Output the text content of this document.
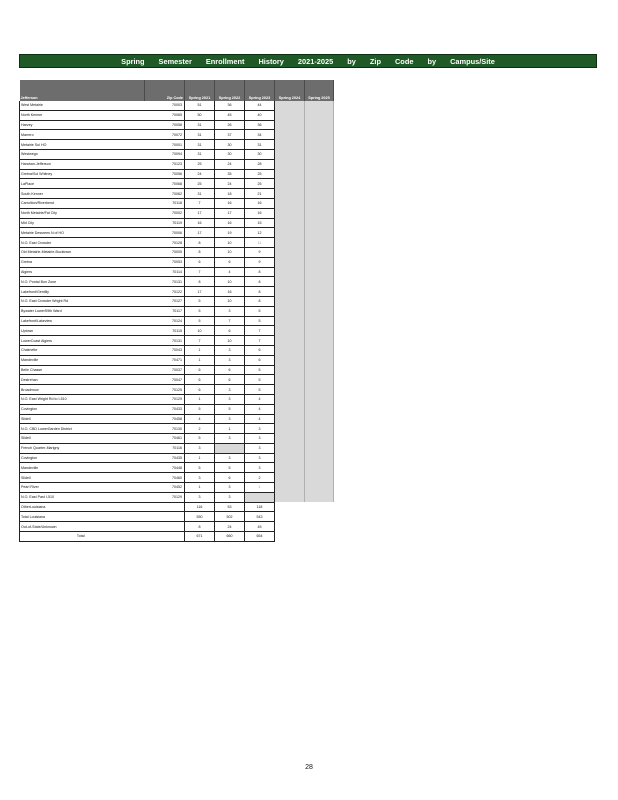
Spring Semester Enrollment History 2021-2025 by Zip Code by Campus/Site
Jefferson	Zip Code	Spring 2021	Spring 2022	Spring 2023	Spring 2024	Spring 2025
West Metairie	70003	51	36	44		
North Kenner	70065	50	45	40		
Harvey	70058	31	26	36		
Marrero	70072	31	37	34		
Metairie Sol HO	70001	31	30	31		
Westwego	70094	31	30	30		
Harahan-Jefferson	70123	25	24	28		
Gretna/Sol Whitney	70056	24	35	25		
LaPlace	70068	25	24	25		
South Kenner	70062	31	18	21		
Carrollton/Riverbend	70118	7	16	16		
North Metairie/Fat City	70002	17	17	16		
Mid City	70119	16	16	15		
Metairie Dessrees N of HO	70006	17	19	12		
N.O. East Crowder	70128	8	10	11		
Old Metairie-Metairie-Bucktown	70005	8	10	9		
Gretna	70053	6	6	9		
Algiers	70114	7	4	8		
N.O. Pontal Bon Zone	70131	8	10	8		
Lakefront/Gentilly	70122	17	16	8		
N.O. East Crowder Wright Rd	70127	5	10	8		
Bywater LowerS9th Ward	70117	5	3	5		
Lakefront/Lakeview	70124	5	7	5		
Uptown	70115	10	6	7		
LowerCoast Algiers	70131	7	10	7		
Chalmette	70043	1	3	6		
Mandeville	70471	1	3	6		
Belle Chasse	70037	6	6	5		
Destrehan	70047	6	6	5		
Broadmoor	70125	6	3	5		
N.O. East Wright Rd to I-510	70129	1	3	4		
Covington	70433	5	5	4		
Slidell	70458	4	3	4		
N.O. CBD LowerGarden District	70130	2	1	3		
Slidell	70461	5	3	3		
French Quarter-Marigny	70116	3		3		
Covington	70435	1	3	3		
Mandeville	70448	5	5	3		
Slidell	70460	3	6	2		
Pearl River	70452	1	3	1		
N.O. East Past I-510	70129	3	3			
OtherLouisiana		116	53	118		
Total Louisiana		550	502	543		
Out-of-State/Unknown		8	24	45		
Total		671	660	654		
28
